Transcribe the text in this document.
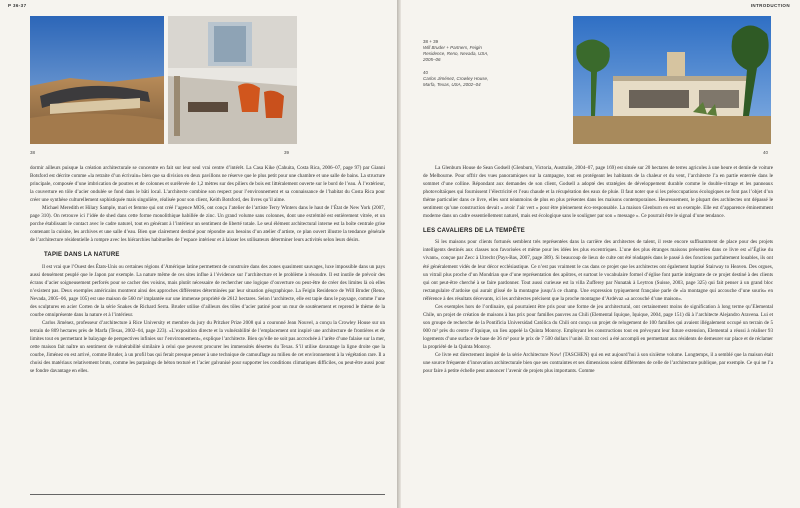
P 36-37
38	39

dormir ailleurs puisque la création architecturale se concentre en fait sur leur seul vrai centre d’intérêt. La Casa Kike (Cahuita, Costa Rica, 2006–07, page 97) par Gianni Botsford est décrite comme «la retraite d’un écrivain» bien que sa division en deux pavillons ne réserve que le plus petit pour une chambre et une salle de bains. La structure principale, composée d’une imbrication de poutres et de colonnes et surélevée de 1,2 mètres sur des piliers de bois est littéralement ouverte sur le bord de l’eau. À l’extérieur, la couverture en tôle d’acier ondulée se fond dans le bâti local. L’architecte combine son respect pour l’environnement et sa connaissance de l’habitat du Costa Rica pour créer une synthèse culturellement sophistiquée mais singulière, réalisée pour son client, Keith Botsford, des livres qu’il aime.

Michael Meredith et Hilary Sample, mari et femme qui ont créé l’agence MOS, ont conçu l’atelier de l’artiste Terry Winters dans le haut de l’État de New York (2007, page 310). On retrouve ici l’idée de shed dans cette forme monolithique habillée de zinc. Un grand volume sans colonnes, dont une extrémité est entièrement vitrée, et un porche établissant le contact avec le cadre naturel, tout en générant à l’intérieur un sentiment de liberté totale. Le seul élément architectural interne est la boîte centrale grise contenant la cuisine, les archives et une salle d’eau. Bien que clairement destiné pour répondre aux besoins d’un atelier d’artiste, ce plan ouvert illustre la tendance générale de l’architecture résidentielle à rompre avec les hiérarchies habituelles de l’espace intérieur et à laisser les utilisateurs déterminer leurs activités selon leurs désirs.

TAPIE DANS LA NATURE

Il est vrai que l’Ouest des États-Unis ou certaines régions d’Amérique latine permettent de construire dans des zones quasiment sauvages, luxe impossible dans un pays aussi densément peuplé que le Japon par exemple. La nature même de ces sites influe à l’évidence sur l’architecture et le problème à résoudre. Il est inutile de prévoir des écrans d’acier soigneusement perforés pour se cacher des voisins, mais plutôt nécessaire de rechercher une logique d’ouverture ou peut-être de créer des limites là où elles n’existent pas. Deux exemples américains montrent ainsi des approches différentes déterminées par leur situation géographique. La Feigin Residence de Will Bruder (Reno, Nevada, 2005–06, page 105) est une maison de 560 m² implantée sur une immense propriété de 2612 hectares. Selon l’architecte, elle est tapie dans le paysage, comme l’une des sculptures en acier Corten de la série Snakes de Richard Serra. Bruder utilise d’ailleurs des tôles d’acier patiné pour un mur de soutènement et reprend le thème de la courbe omniprésente dans la nature et à l’intérieur.

Carlos Jiménez, professeur d’architecture à Rice University et membre du jury du Pritzker Prize 2008 qui a couronné Jean Nouvel, a conçu la Crowley House sur un terrain de 809 hectares près de Marfa (Texas, 2002–04, page 223). «L’exposition directe et la vulnérabilité de l’emplacement ont inspiré une architecture de frontières et de limites tout en permettant le balayage de perspectives infinies sur l’environnement», explique l’architecte. Bien qu’elle ne soit pas accrochée à l’arête d’une falaise sur la mer, cette maison fait naître un sentiment de vulnérabilité similaire à celui que peuvent procurer les immensités désertes du Texas. S’il utilise davantage la ligne droite que la courbe, Jiménez en est arrivé, comme Bruder, à un profil bas qui ferait presque penser à une technique de camouflage au milieu de cet environnement à la végétation rare. Il a choisi des matériaux relativement bruts, comme les parpaings de béton texturé et l’acier galvanisé pour supporter les conditions climatiques difficiles, ou peut-être aussi pour se fondre davantage en elles.

INTRODUCTION
38 + 39
Will Bruder + Partners, Feigin
Residence, Reno, Nevada, USA,
2005–06
40
Carlos Jiménez, Crowley House,
Marfa, Texas, USA, 2002–04
40

La Glenburn House de Sean Godsell (Glenburn, Victoria, Australie, 2004–07, page 169) est située sur 20 hectares de terres agricoles à une heure et demie de voiture de Melbourne. Pour offrir des vues panoramiques sur la campagne, tout en protégeant les habitants de la chaleur et du vent, l’architecte l’a en partie enterrée dans le sommet d’une colline. Répondant aux demandes de son client, Godsell a adopté des stratégies de développement durable comme le double-vitrage et les panneaux photovoltaïques qui fournissent l’électricité et l’eau chaude et la récupération des eaux de pluie. Il faut noter que si les préoccupations écologiques ne font pas l’objet d’un thème particulier dans ce livre, elles sont néanmoins de plus en plus présentes dans les maisons contemporaines. Heureusement, le plupart des architectes ont dépassé le sentiment qu’une construction devait « avoir l’air vert » pour être pleinement éco-responsable. La maison Glenburn en est un exemple. Elle est d’apparence éminemment moderne dans un cadre essentiellement naturel, mais est écologique sans le souligner par son « message ». Ce pourrait être le signal d’une tendance.

LES CAVALIERS DE LA TEMPÊTE

Si les maisons pour clients fortunés semblent très représentées dans la carrière des architectes de talent, il reste encore suffisamment de place pour des projets intelligents destinés aux classes non favorisées et même pour les idées les plus excentriques. L’une des plus étranges maisons présentées dans ce livre est «l’Église du vivant», conçue par Zecc à Utrecht (Pays-Bas, 2007, page 389). Si beaucoup de lieux de culte ont été réadaptés dans le passé à des fonctions parfaitement louables, ils ont été généralement vidés de leur décor ecclésiastique. Ce n’est pas vraiment le cas dans ce projet que les architectes ont également baptisé Stairway to Heaven. Des orgues, un vitrail plus proche d’un Mondrian que d’une représentation des apôtres, et surtout le vocabulaire formel d’église font partie intégrante de ce projet destiné à des clients qui ont peut-être cherché à se faire pardonner. Tout aussi curieuse est la villa Zufferey par Nunatak à Leytron (Suisse, 2003, page 325) qui fait penser à un grand bloc rectangulaire d’ardoise qui aurait glissé de la montagne jusqu’à ce champ. Une expression typiquement française parle de «la montagne qui accouche d’une souris» en référence à des résultats décevants, ici les architectes précisent que la proche montagne d’Ardévaz «a accouché d’une maison».

Ces exemples hors de l’ordinaire, qui pourraient être pris pour une forme de jeu architectural, ont certainement moins de signification à long terme qu’Elemental Chile, un projet de création de maisons à bas prix pour familles pauvres au Chili (Elemental Iquique, Iquique, 2004, page 151) dû à l’architecte Alejandro Aravena. Lui et son groupe de recherche de la Pontificia Universidad Católica du Chili ont conçu un projet de relogement de 100 familles qui avaient illégalement occupé un terrain de 5 000 m² près du centre d’Iquique, un lieu appelé la Quinta Monroy. Employant les constructions tout en prévoyant leur future extension, Elemental a réussi à réaliser 93 logements d’une surface de base de 36 m² pour le prix de 7 500 dollars l’unité. Et tout ceci a été accompli en permettant aux résidents de demeurer sur place et de réclamer la propriété de la Quinta Monroy.

Ce livre est directement inspiré de la série Architecture Now! (TASCHEN) qui en est aujourd’hui à son sixième volume. Longtemps, il a semblé que la maison était une source fréquente d’innovation architecturale bien que ses contraintes et ses dimensions soient différentes de celle de l’architecture publique, par exemple. Ce qui ne l’a pour faire à petite échelle peut annoncer l’avenir de projets plus importants. Comme
